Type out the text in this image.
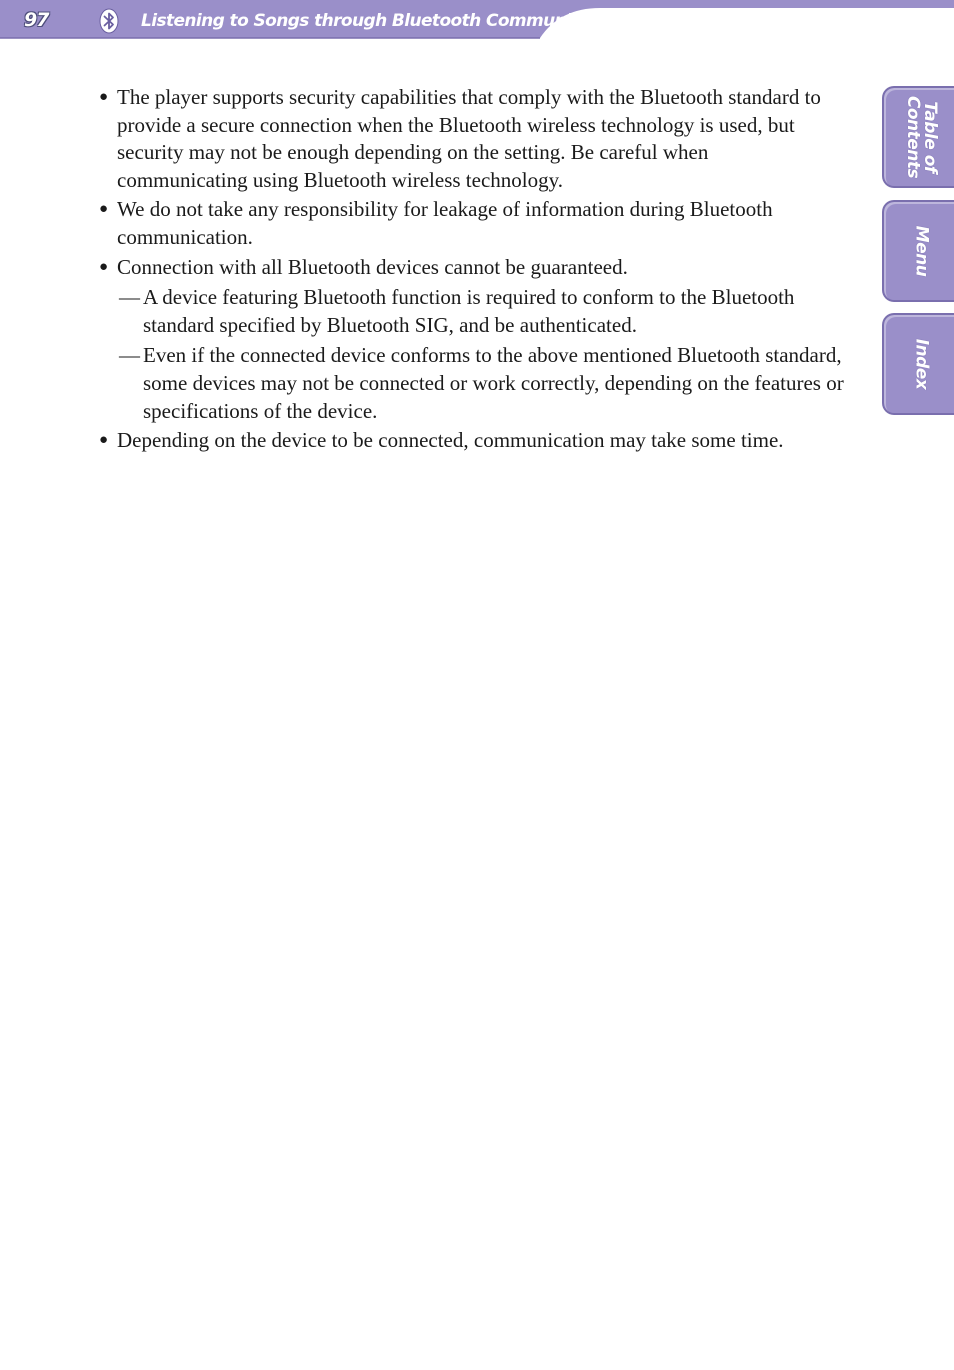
97	Listening to Songs through Bluetooth Communication
Table of
Contents
Menu
Index
● The player supports security capabilities that comply with the Bluetooth standard to provide a secure connection when the Bluetooth wireless technology is used, but security may not be enough depending on the setting. Be careful when communicating using Bluetooth wireless technology.
● We do not take any responsibility for leakage of information during Bluetooth communication.
● Connection with all Bluetooth devices cannot be guaranteed.
— A device featuring Bluetooth function is required to conform to the Bluetooth standard specified by Bluetooth SIG, and be authenticated.
— Even if the connected device conforms to the above mentioned Bluetooth standard, some devices may not be connected or work correctly, depending on the features or specifications of the device.
● Depending on the device to be connected, communication may take some time.
